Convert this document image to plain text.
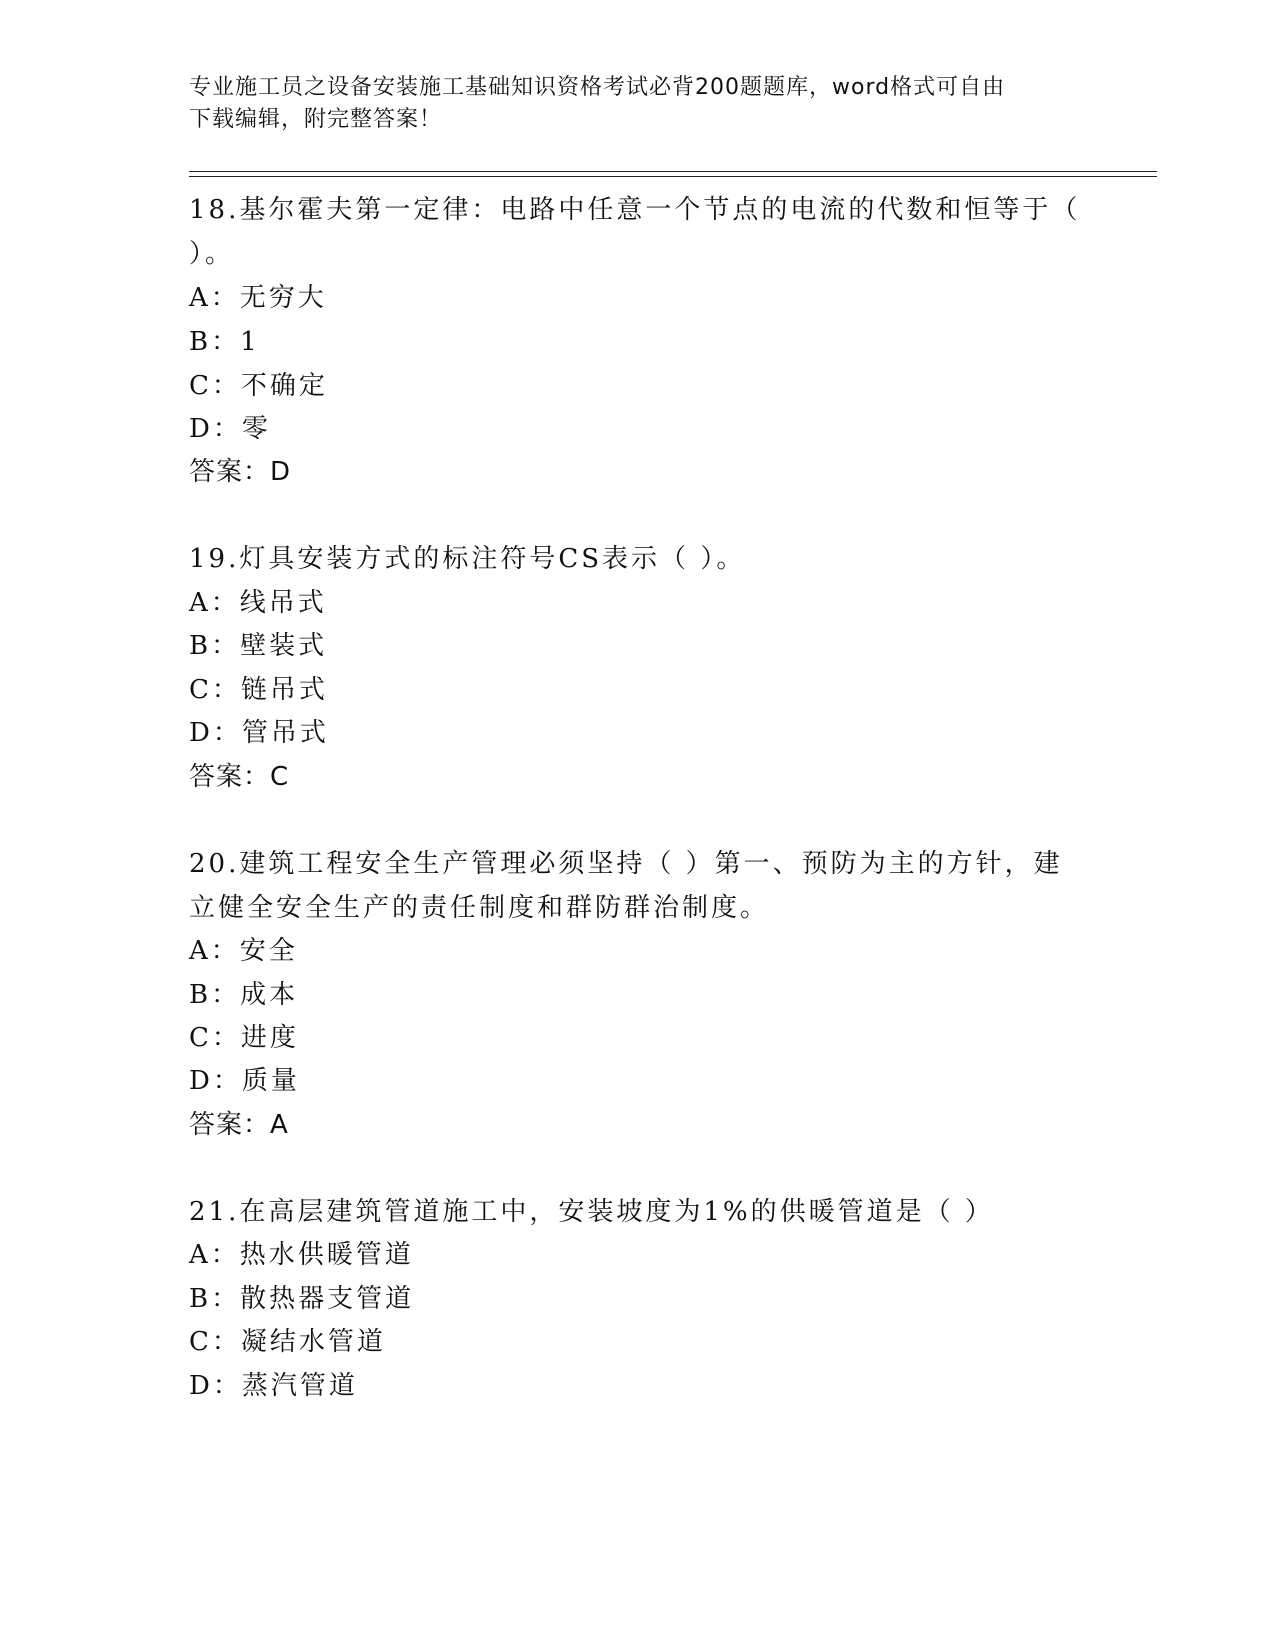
专业施工员之设备安装施工基础知识资格考试必背200题题库，word格式可自由
下载编辑，附完整答案！
18.基尔霍夫第一定律：电路中任意一个节点的电流的代数和恒等于（
）。
A：无穷大
B：1
C：不确定
D：零
答案：D
19.灯具安装方式的标注符号CS表示（ ）。
A：线吊式
B：壁装式
C：链吊式
D：管吊式
答案：C
20.建筑工程安全生产管理必须坚持（ ）第一、预防为主的方针，建
立健全安全生产的责任制度和群防群治制度。
A：安全
B：成本
C：进度
D：质量
答案：A
21.在高层建筑管道施工中，安装坡度为1%的供暖管道是（ ）
A：热水供暖管道
B：散热器支管道
C：凝结水管道
D：蒸汽管道
